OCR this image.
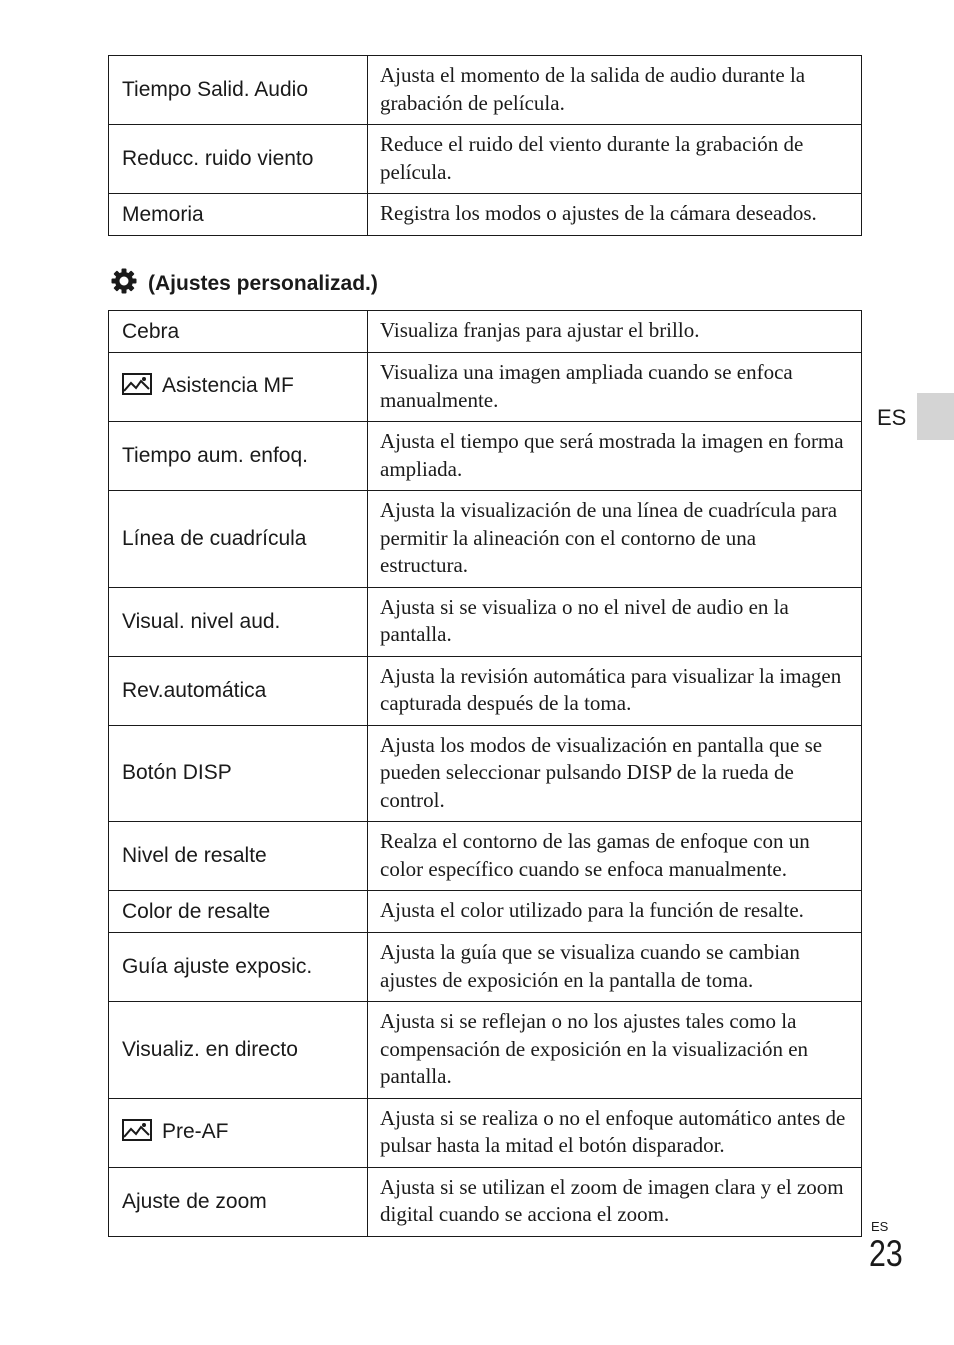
Tiempo Salid. Audio	Ajusta el momento de la salida de audio durante la grabación de película.
Reducc. ruido viento	Reduce el ruido del viento durante la grabación de película.
Memoria	Registra los modos o ajustes de la cámara deseados.
(Ajustes personalizad.)
Cebra	Visualiza franjas para ajustar el brillo.
Asistencia MF	Visualiza una imagen ampliada cuando se enfoca manualmente.
Tiempo aum. enfoq.	Ajusta el tiempo que será mostrada la imagen en forma ampliada.
Línea de cuadrícula	Ajusta la visualización de una línea de cuadrícula para permitir la alineación con el contorno de una estructura.
Visual. nivel aud.	Ajusta si se visualiza o no el nivel de audio en la pantalla.
Rev.automática	Ajusta la revisión automática para visualizar la imagen capturada después de la toma.
Botón DISP	Ajusta los modos de visualización en pantalla que se pueden seleccionar pulsando DISP de la rueda de control.
Nivel de resalte	Realza el contorno de las gamas de enfoque con un color específico cuando se enfoca manualmente.
Color de resalte	Ajusta el color utilizado para la función de resalte.
Guía ajuste exposic.	Ajusta la guía que se visualiza cuando se cambian ajustes de exposición en la pantalla de toma.
Visualiz. en directo	Ajusta si se reflejan o no los ajustes tales como la compensación de exposición en la visualización en pantalla.
Pre-AF	Ajusta si se realiza o no el enfoque automático antes de pulsar hasta la mitad el botón disparador.
Ajuste de zoom	Ajusta si se utilizan el zoom de imagen clara y el zoom digital cuando se acciona el zoom.
ES
ES
23
